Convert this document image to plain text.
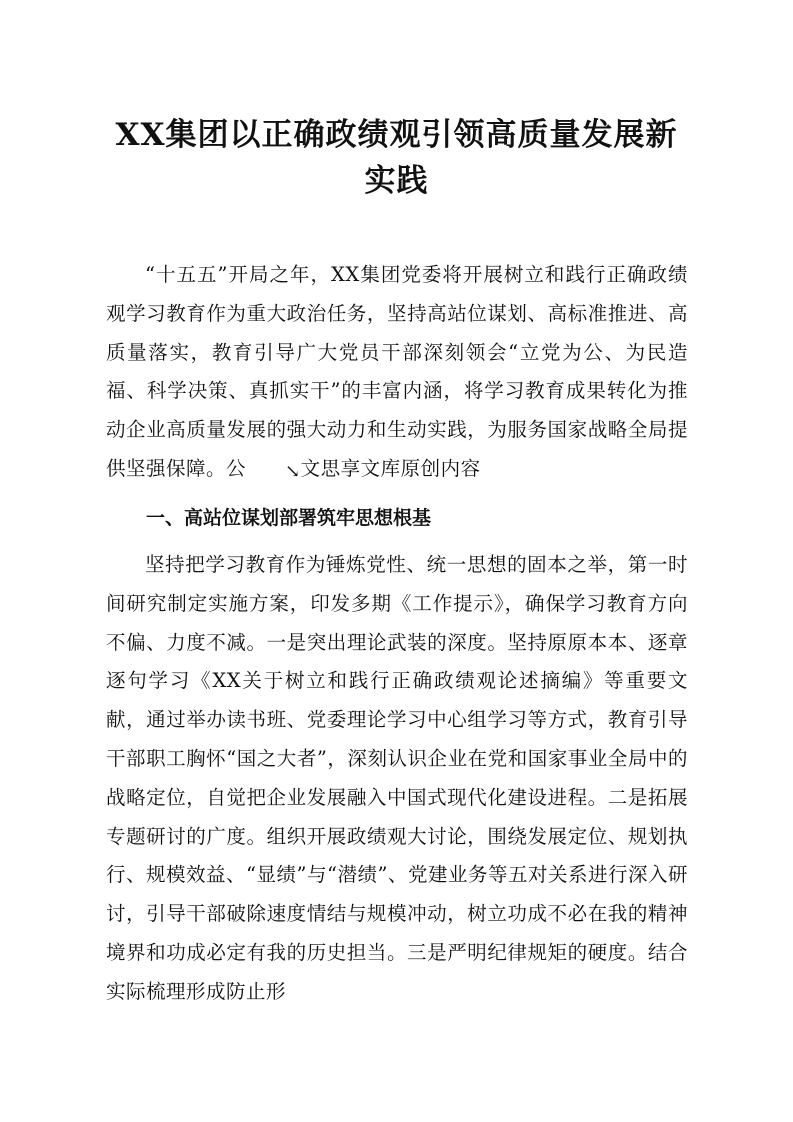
XX集团以正确政绩观引领高质量发展新实践
“十五五”开局之年，XX集团党委将开展树立和践行正确政绩观学习教育作为重大政治任务，坚持高站位谋划、高标准推进、高质量落实，教育引导广大党员干部深刻领会“立党为公、为民造福、科学决策、真抓实干”的丰富内涵，将学习教育成果转化为推动企业高质量发展的强大动力和生动实践，为服务国家战略全局提供坚强保障。公 ↘文思享文库原创内容
一、高站位谋划部署筑牢思想根基
坚持把学习教育作为锤炼党性、统一思想的固本之举，第一时间研究制定实施方案，印发多期《工作提示》，确保学习教育方向不偏、力度不减。一是突出理论武装的深度。坚持原原本本、逐章逐句学习《XX关于树立和践行正确政绩观论述摘编》等重要文献，通过举办读书班、党委理论学习中心组学习等方式，教育引导干部职工胸怀“国之大者”，深刻认识企业在党和国家事业全局中的战略定位，自觉把企业发展融入中国式现代化建设进程。二是拓展专题研讨的广度。组织开展政绩观大讨论，围绕发展定位、规划执行、规模效益、“显绩”与“潜绩”、党建业务等五对关系进行深入研讨，引导干部破除速度情结与规模冲动，树立功成不必在我的精神境界和功成必定有我的历史担当。三是严明纪律规矩的硬度。结合实际梳理形成防止形
